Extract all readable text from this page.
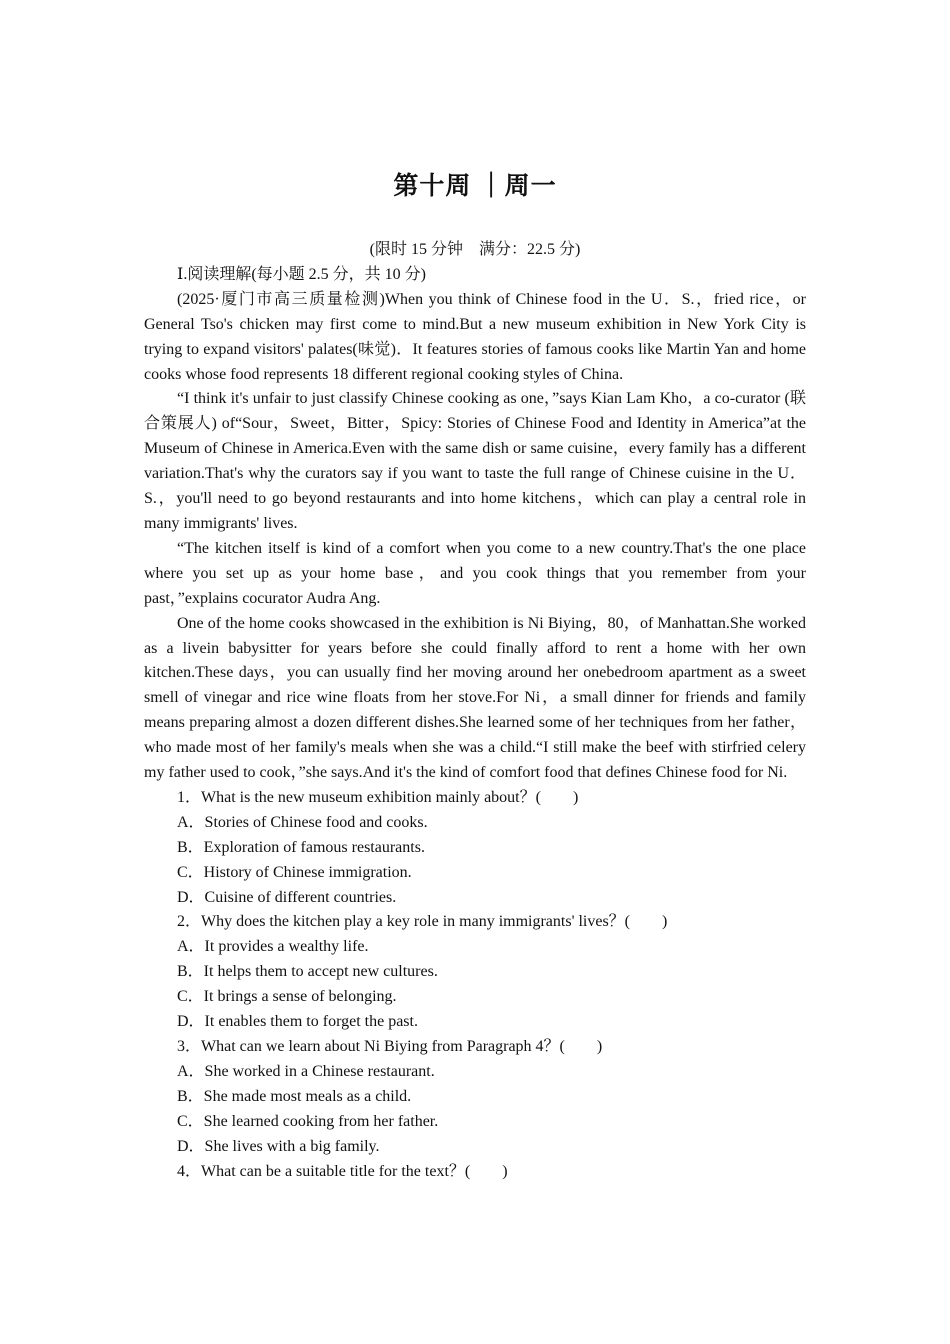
第十周 ｜周一

(限时 15 分钟　满分：22.5 分)

Ⅰ.阅读理解(每小题 2.5 分，共 10 分)

(2025·厦门市高三质量检测)When you think of Chinese food in the U．S.，fried rice，or General Tso's chicken may first come to mind.But a new museum exhibition in New York City is trying to expand visitors' palates(味觉)．It features stories of famous cooks like Martin Yan and home cooks whose food represents 18 different regional cooking styles of China.

“I think it's unfair to just classify Chinese cooking as one，”says Kian Lam Kho，a co-curator (联合策展人) of“Sour，Sweet，Bitter，Spicy: Stories of Chinese Food and Identity in America”at the Museum of Chinese in America.Even with the same dish or same cuisine，every family has a different variation.That's why the curators say if you want to taste the full range of Chinese cuisine in the U．S.，you'll need to go beyond restaurants and into home kitchens，which can play a central role in many immigrants' lives.

“The kitchen itself is kind of a comfort when you come to a new country.That's the one place where you set up as your home base，and you cook things that you remember from your past，”explains cocurator Audra Ang.

One of the home cooks showcased in the exhibition is Ni Biying，80，of Manhattan.She worked as a livein babysitter for years before she could finally afford to rent a home with her own kitchen.These days，you can usually find her moving around her onebedroom apartment as a sweet smell of vinegar and rice wine floats from her stove.For Ni，a small dinner for friends and family means preparing almost a dozen different dishes.She learned some of her techniques from her father，who made most of her family's meals when she was a child.“I still make the beef with stirfried celery my father used to cook，”she says.And it's the kind of comfort food that defines Chinese food for Ni.

1．What is the new museum exhibition mainly about？(　　)

A．Stories of Chinese food and cooks.

B．Exploration of famous restaurants.

C．History of Chinese immigration.

D．Cuisine of different countries.

2．Why does the kitchen play a key role in many immigrants' lives？(　　)

A．It provides a wealthy life.

B．It helps them to accept new cultures.

C．It brings a sense of belonging.

D．It enables them to forget the past.

3．What can we learn about Ni Biying from Paragraph 4？(　　)

A．She worked in a Chinese restaurant.

B．She made most meals as a child.

C．She learned cooking from her father.

D．She lives with a big family.

4．What can be a suitable title for the text？(　　)
